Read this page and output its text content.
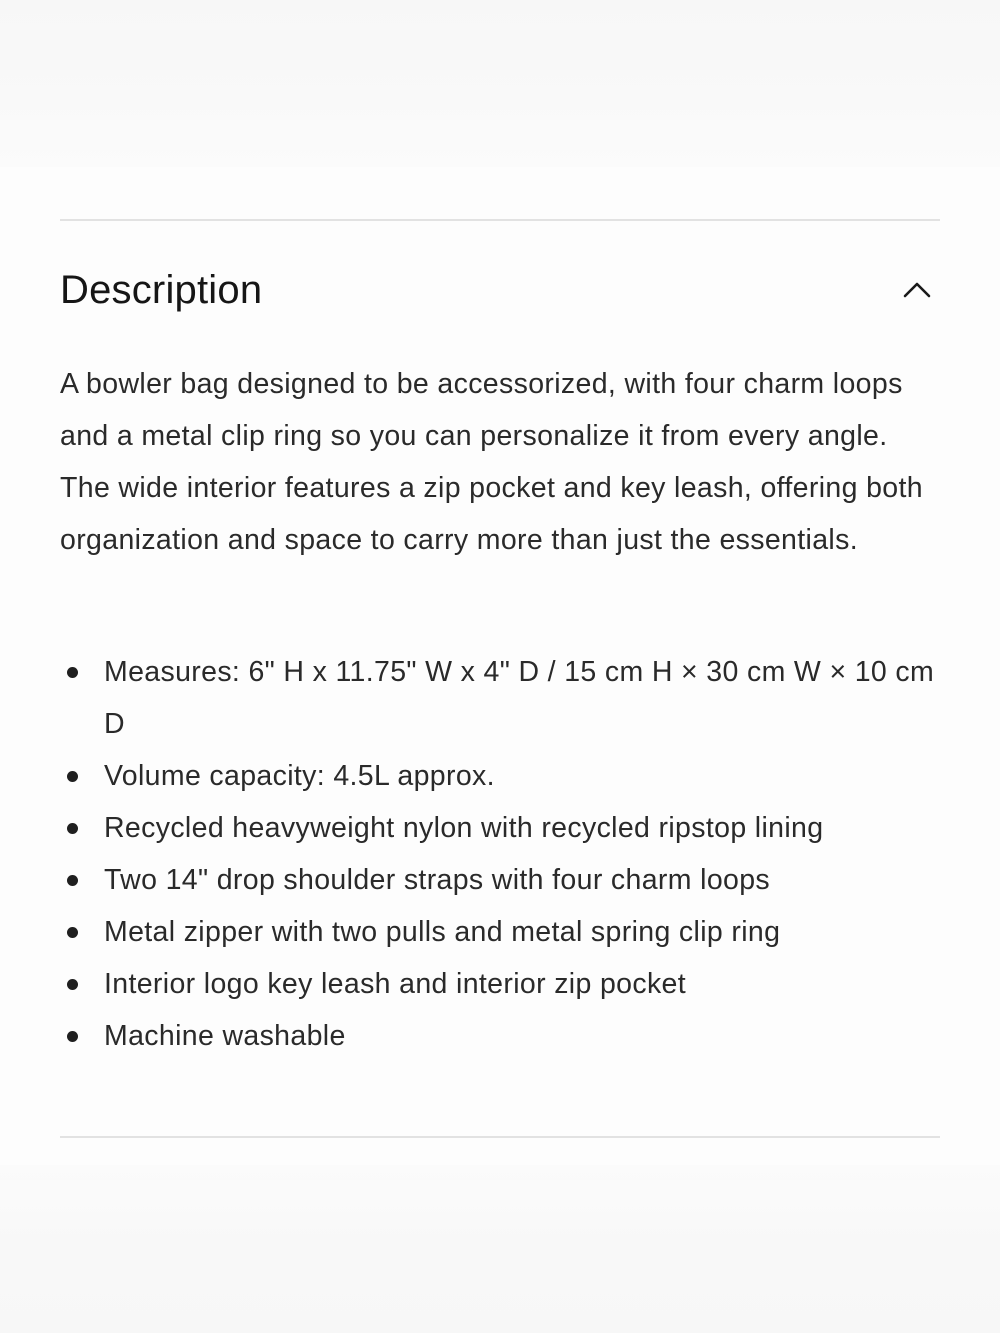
Description

A bowler bag designed to be accessorized, with four charm loops and a metal clip ring so you can personalize it from every angle. The wide interior features a zip pocket and key leash, offering both organization and space to carry more than just the essentials.

Measures: 6" H x 11.75" W x 4" D / 15 cm H × 30 cm W × 10 cm D
Volume capacity: 4.5L approx.
Recycled heavyweight nylon with recycled ripstop lining
Two 14" drop shoulder straps with four charm loops
Metal zipper with two pulls and metal spring clip ring
Interior logo key leash and interior zip pocket
Machine washable
